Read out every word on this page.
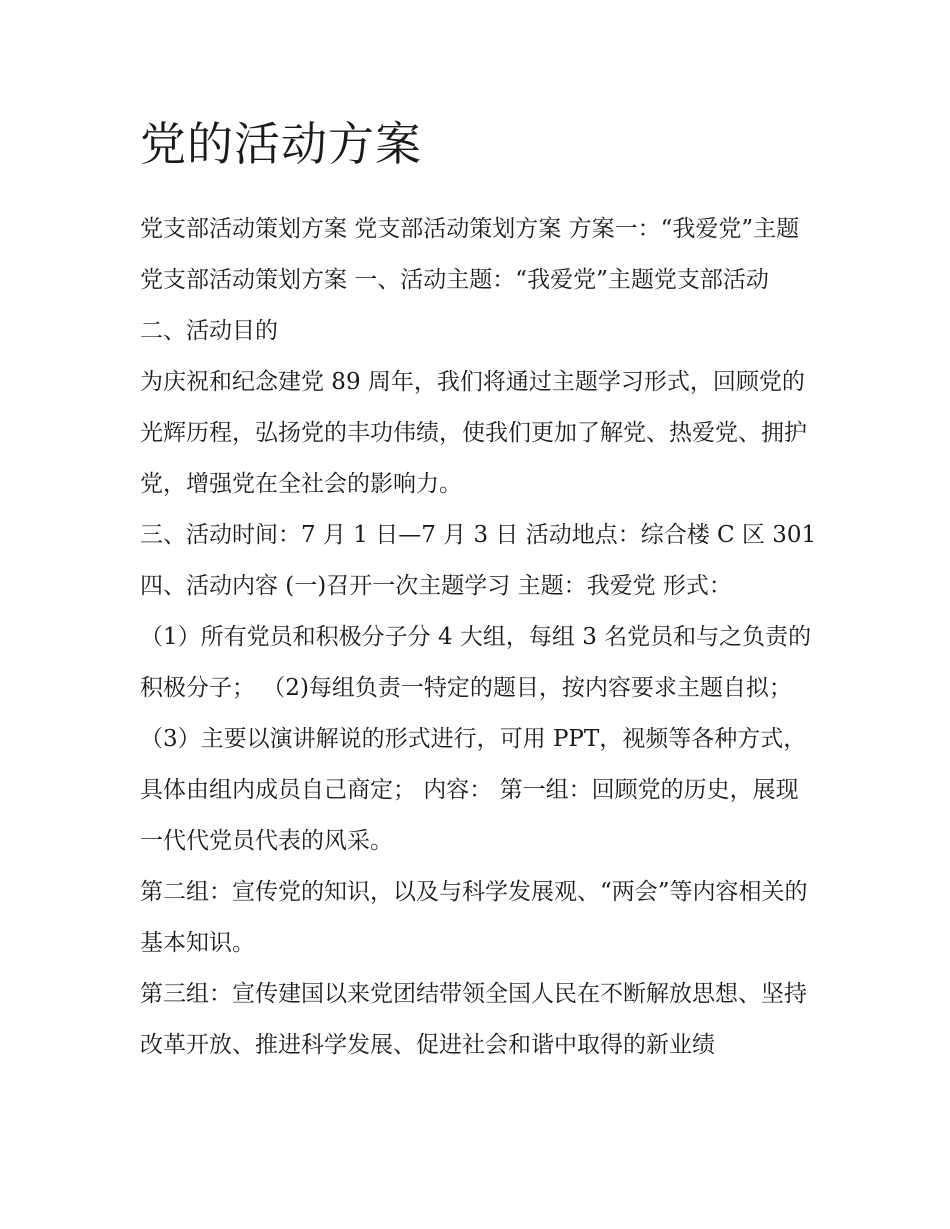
党的活动方案

党支部活动策划方案 党支部活动策划方案 方案一：“我爱党”主题党支部活动策划方案 一、活动主题：“我爱党”主题党支部活动 二、活动目的

为庆祝和纪念建党 89 周年，我们将通过主题学习形式，回顾党的光辉历程，弘扬党的丰功伟绩，使我们更加了解党、热爱党、拥护党，增强党在全社会的影响力。

三、活动时间：7 月 1 日—7 月 3 日 活动地点：综合楼 C 区 301

四、活动内容 (一)召开一次主题学习 主题：我爱党 形式：

（1）所有党员和积极分子分 4 大组，每组 3 名党员和与之负责的积极分子； （2)每组负责一特定的题目，按内容要求主题自拟；

（3）主要以演讲解说的形式进行，可用 PPT，视频等各种方式，具体由组内成员自己商定； 内容： 第一组：回顾党的历史，展现一代代党员代表的风采。

第二组：宣传党的知识，以及与科学发展观、“两会”等内容相关的基本知识。

第三组：宣传建国以来党团结带领全国人民在不断解放思想、坚持改革开放、推进科学发展、促进社会和谐中取得的新业绩
